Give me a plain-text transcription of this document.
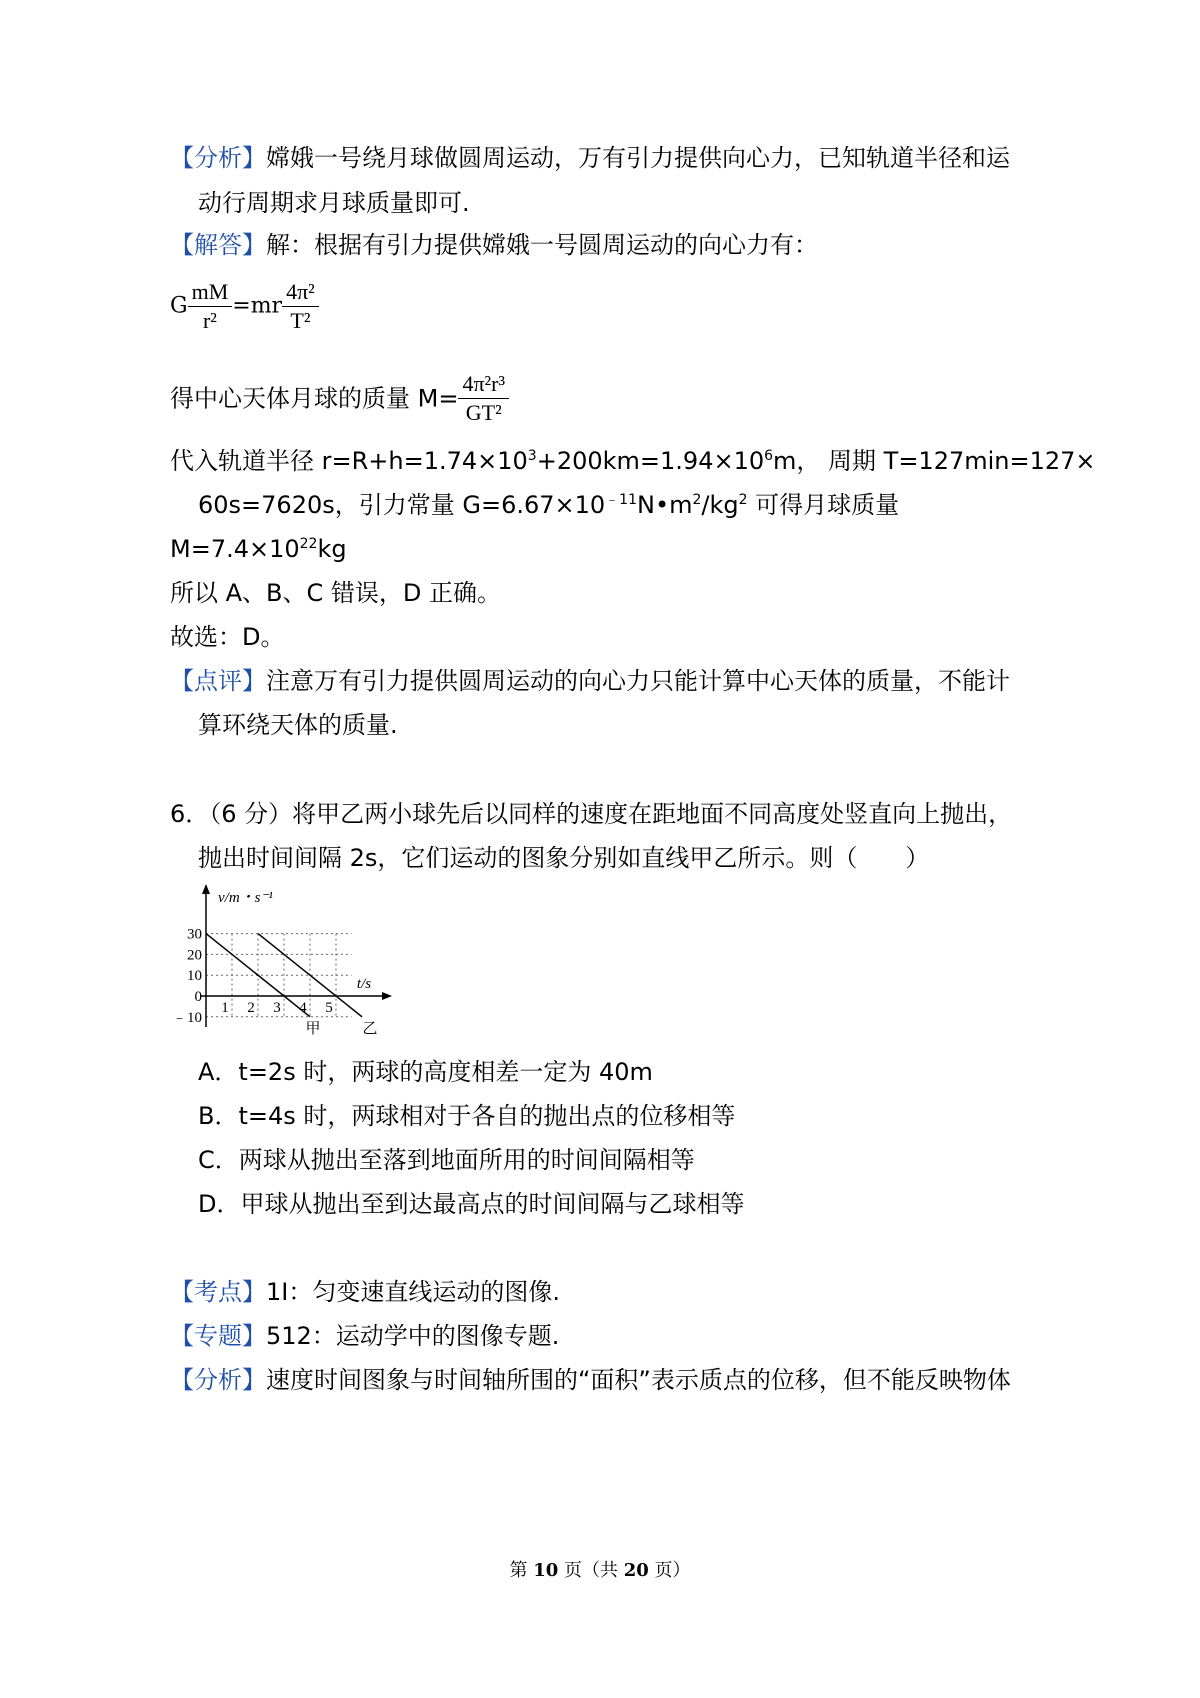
【分析】嫦娥一号绕月球做圆周运动，万有引力提供向心力，已知轨道半径和运
动行周期求月球质量即可.
【解答】解：根据有引力提供嫦娥一号圆周运动的向心力有：
G $\frac{mM}{\text{r²}} =mr \frac{\text{4π²}}{\text{T²}}$
得中心天体月球的质量 $M= \frac{\text{4π²r³}}{\text{GT²}}$
代入轨道半径 $r=R+h=1.74\times 10^3+200km=1.94\times 10^6m$， 周期 T=127min=127×
60s=7620s，引力常量 $G=6.67\times 10^{﹣11}N•m^2/kg^2$ 可得月球质量
$M=7.4\times 10^{22}kg$
所以 A、B、C 错误，D 正确。
故选：D。
【点评】注意万有引力提供圆周运动的向心力只能计算中心天体的质量，不能计
算环绕天体的质量.
6．（6 分）将甲乙两小球先后以同样的速度在距地面不同高度处竖直向上抛出，
抛出时间间隔 2s，它们运动的图象分别如直线甲乙所示。则（　　）
30
20
10
0
﹣10
1 2 3 4 5
v/m・s⁻¹
t/s
甲	乙
A．t=2s 时，两球的高度相差一定为 40m
B．t=4s 时，两球相对于各自的抛出点的位移相等
C．两球从抛出至落到地面所用的时间间隔相等
D．甲球从抛出至到达最高点的时间间隔与乙球相等
【考点】1I：匀变速直线运动的图像.
【专题】512：运动学中的图像专题.
【分析】速度时间图象与时间轴所围的“面积”表示质点的位移，但不能反映物体
第 10 页（共 20 页）
